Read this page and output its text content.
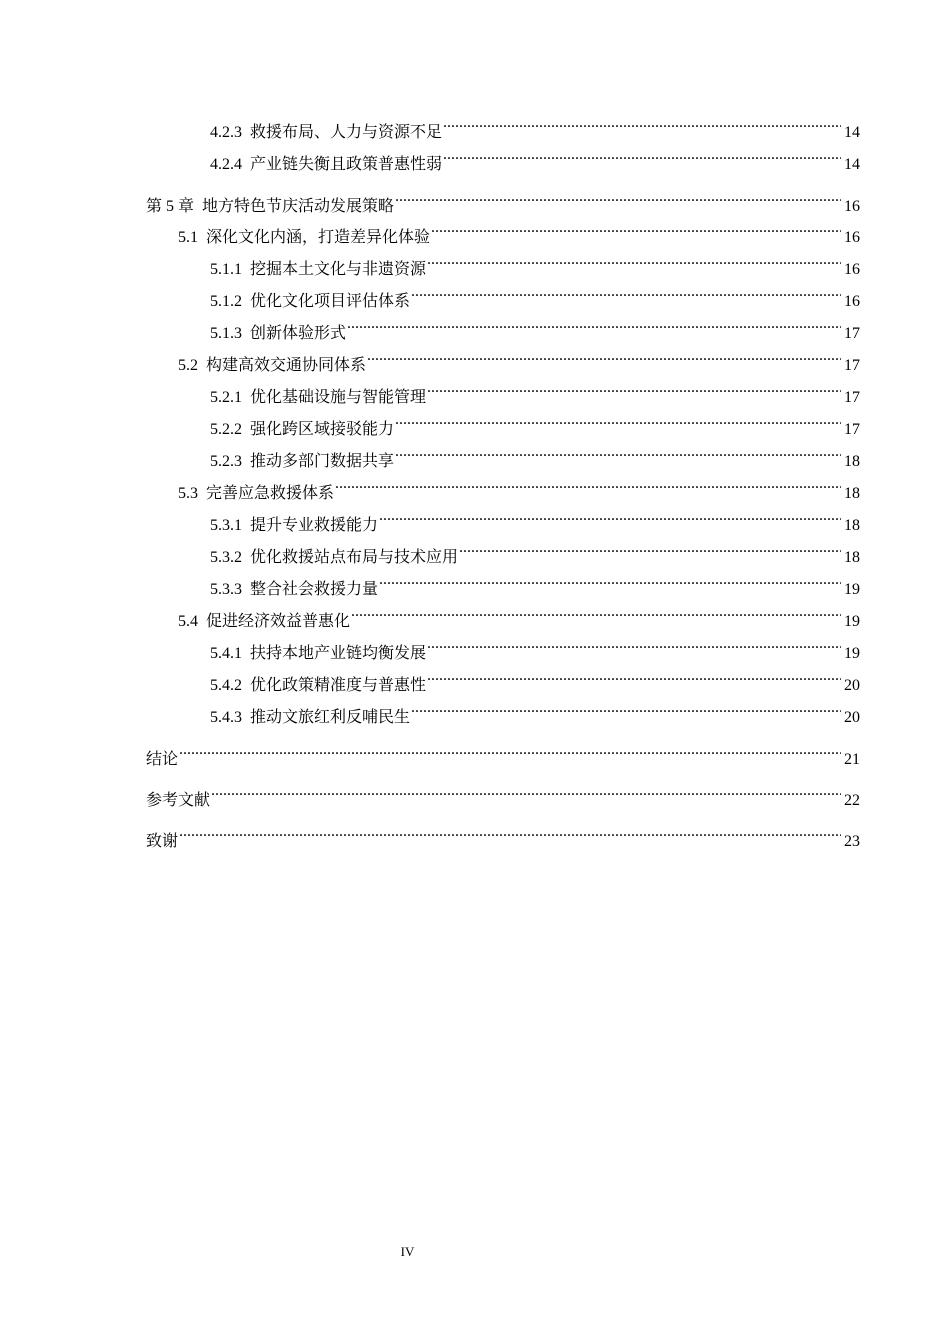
4.2.3 救援布局、人力与资源不足 .....	14
4.2.4 产业链失衡且政策普惠性弱 .....	14
第 5 章 地方特色节庆活动发展策略 .....	16
5.1 深化文化内涵，打造差异化体验 .....	16
5.1.1 挖掘本土文化与非遗资源 .....	16
5.1.2 优化文化项目评估体系 .....	16
5.1.3 创新体验形式 .....	17
5.2 构建高效交通协同体系 .....	17
5.2.1 优化基础设施与智能管理 .....	17
5.2.2 强化跨区域接驳能力 .....	17
5.2.3 推动多部门数据共享 .....	18
5.3 完善应急救援体系 .....	18
5.3.1 提升专业救援能力 .....	18
5.3.2 优化救援站点布局与技术应用 .....	18
5.3.3 整合社会救援力量 .....	19
5.4 促进经济效益普惠化 .....	19
5.4.1 扶持本地产业链均衡发展 .....	19
5.4.2 优化政策精准度与普惠性 .....	20
5.4.3 推动文旅红利反哺民生 .....	20
结论 .....	21
参考文献 .....	22
致谢 .....	23
IV
